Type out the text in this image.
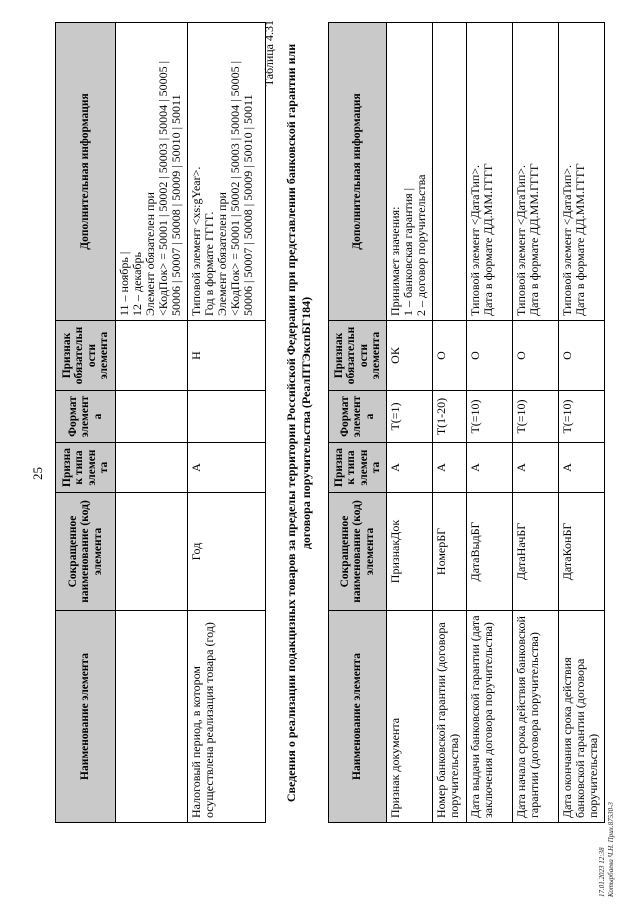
25
Наименование элемента	Сокращенное наименование (код) элемента	Признак типа элемента	Формат элемента	Признак обязательности элемента	Дополнительная информация

					11 – ноябрь | 12 – декабрь Элемент обязателен при <КодПок> = 50001 | 50002 | 50003 | 50004 | 50005 | 50006 | 50007 | 50008 | 50009 | 50010 | 50011

Налоговый период, в котором осуществлена реализация товара (год)	Год	А		Н	Типовой элемент <xs:gYear>. Год в формате ГГГГ. Элемент обязателен при <КодПок> = 50001 | 50002 | 50003 | 50004 | 50005 | 50006 | 50007 | 50008 | 50009 | 50010 | 50011
Таблица 4.31 Сведения о реализации подакцизных товаров за пределы территории Российской Федерации при представлении банковской гарантии или договора поручительства (РеалПТЭкспБГ184)
Наименование элемента	Сокращенное наименование (код) элемента	Признак типа элемента	Формат элемента	Признак обязательности элемента	Дополнительная информация
Признак документа	ПризнакДок	А	T(=1)	ОК	Принимает значения: 1 – банковская гарантия | 2 – договор поручительства

Номер банковской гарантии (договора поручительства)	НомерБГ	А	T(1-20)	О	
Дата выдачи банковской гарантии (дата заключения договора поручительства)	ДатаВыдБГ	А	T(=10)	О	Типовой элемент <ДатаТип>. Дата в формате ДД.ММ.ГГГГ

Дата начала срока действия банковской гарантии (договора поручительства)	ДатаНачБГ	А	T(=10)	О	Типовой элемент <ДатаТип>. Дата в формате ДД.ММ.ГГГГ

Дата окончания срока действия банковской гарантии (договора поручительства)	ДатаКонБГ	А	T(=10)	О	Типовой элемент <ДатаТип>. Дата в формате ДД.ММ.ГГГГ
17.01.2023 12:38 Котырбаева Ч.Н. Прих.87530-3
